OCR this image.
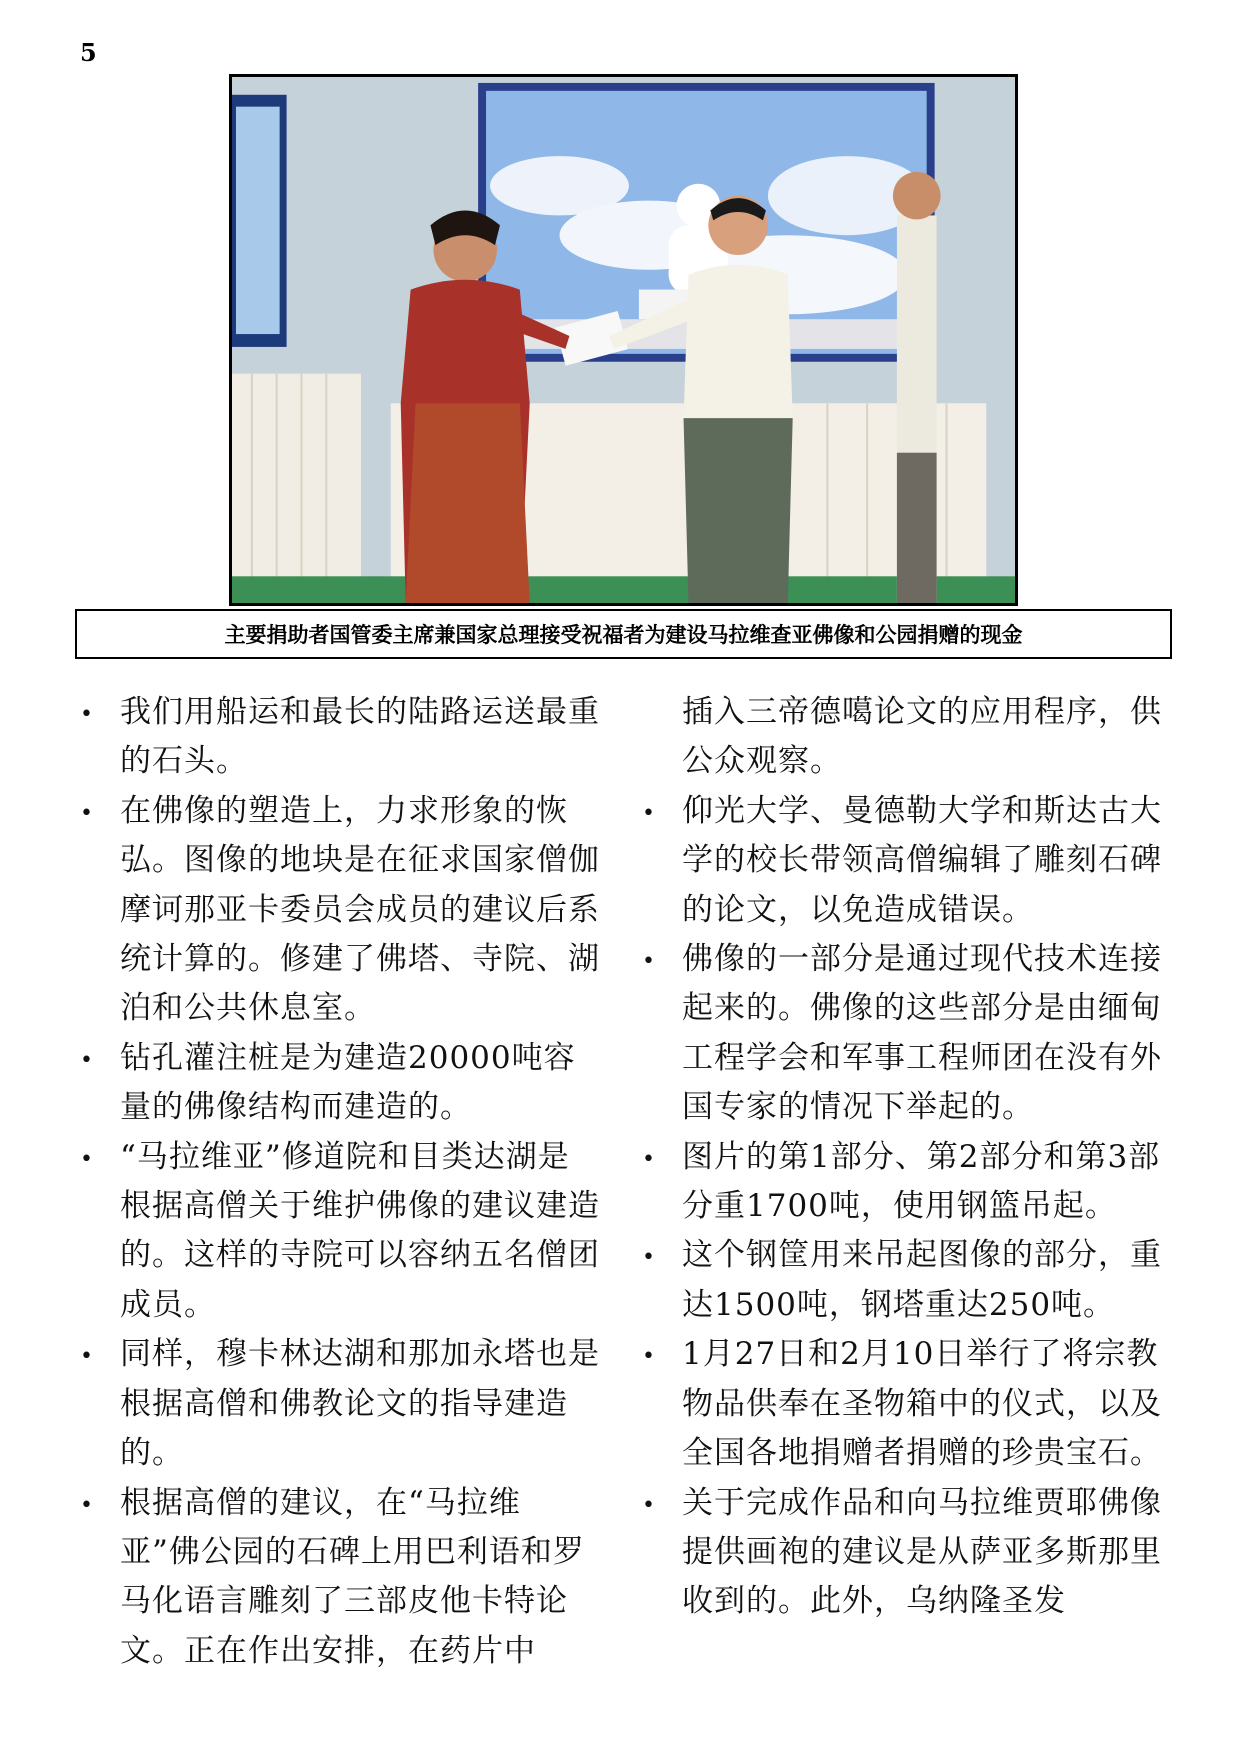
5
主要捐助者国管委主席兼国家总理接受祝福者为建设马拉维查亚佛像和公园捐赠的现金
• 我们用船运和最长的陆路运送最重的石头。
• 在佛像的塑造上，力求形象的恢弘。图像的地块是在征求国家僧伽摩诃那亚卡委员会成员的建议后系统计算的。修建了佛塔、寺院、湖泊和公共休息室。
• 钻孔灌注桩是为建造20000吨容量的佛像结构而建造的。
• “马拉维亚”修道院和目类达湖是根据高僧关于维护佛像的建议建造的。这样的寺院可以容纳五名僧团成员。
• 同样，穆卡林达湖和那加永塔也是根据高僧和佛教论文的指导建造的。
• 根据高僧的建议，在“马拉维亚”佛公园的石碑上用巴利语和罗马化语言雕刻了三部皮他卡特论文。正在作出安排，在药片中
插入三帝德噶论文的应用程序，供公众观察。
• 仰光大学、曼德勒大学和斯达古大学的校长带领高僧编辑了雕刻石碑的论文，以免造成错误。
• 佛像的一部分是通过现代技术连接起来的。佛像的这些部分是由缅甸工程学会和军事工程师团在没有外国专家的情况下举起的。
• 图片的第1部分、第2部分和第3部分重1700吨，使用钢篮吊起。
• 这个钢筐用来吊起图像的部分，重达1500吨，钢塔重达250吨。
• 1月27日和2月10日举行了将宗教物品供奉在圣物箱中的仪式，以及全国各地捐赠者捐赠的珍贵宝石。
• 关于完成作品和向马拉维贾耶佛像提供画袍的建议是从萨亚多斯那里收到的。此外，乌纳隆圣发
